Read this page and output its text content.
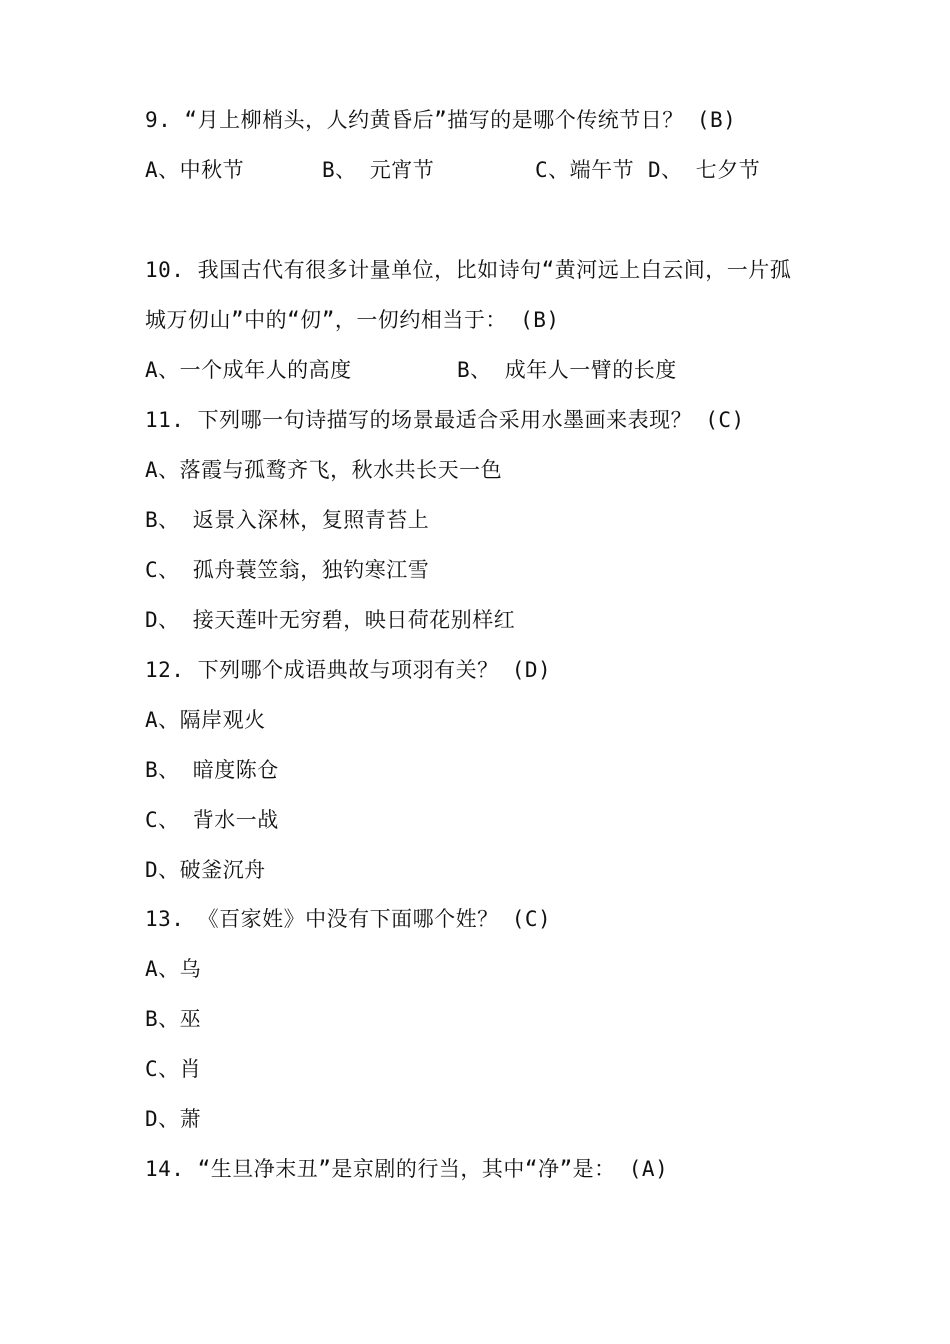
9. “月上柳梢头，人约黄昏后”描写的是哪个传统节日？ (B)
A、中秋节	B、 元宵节	C、端午节 D、 七夕节
10. 我国古代有很多计量单位，比如诗句“黄河远上白云间，一片孤
城万仞山”中的“仞”，一仞约相当于： (B)
A、一个成年人的高度	B、 成年人一臂的长度
11. 下列哪一句诗描写的场景最适合采用水墨画来表现？ (C)
A、落霞与孤鹜齐飞，秋水共长天一色
B、 返景入深林，复照青苔上
C、 孤舟蓑笠翁，独钓寒江雪
D、 接天莲叶无穷碧，映日荷花别样红
12. 下列哪个成语典故与项羽有关？ (D)
A、隔岸观火
B、 暗度陈仓
C、 背水一战
D、破釜沉舟
13. 《百家姓》中没有下面哪个姓？ (C)
A、乌
B、巫
C、肖
D、萧
14. “生旦净末丑”是京剧的行当，其中“净”是： (A)
